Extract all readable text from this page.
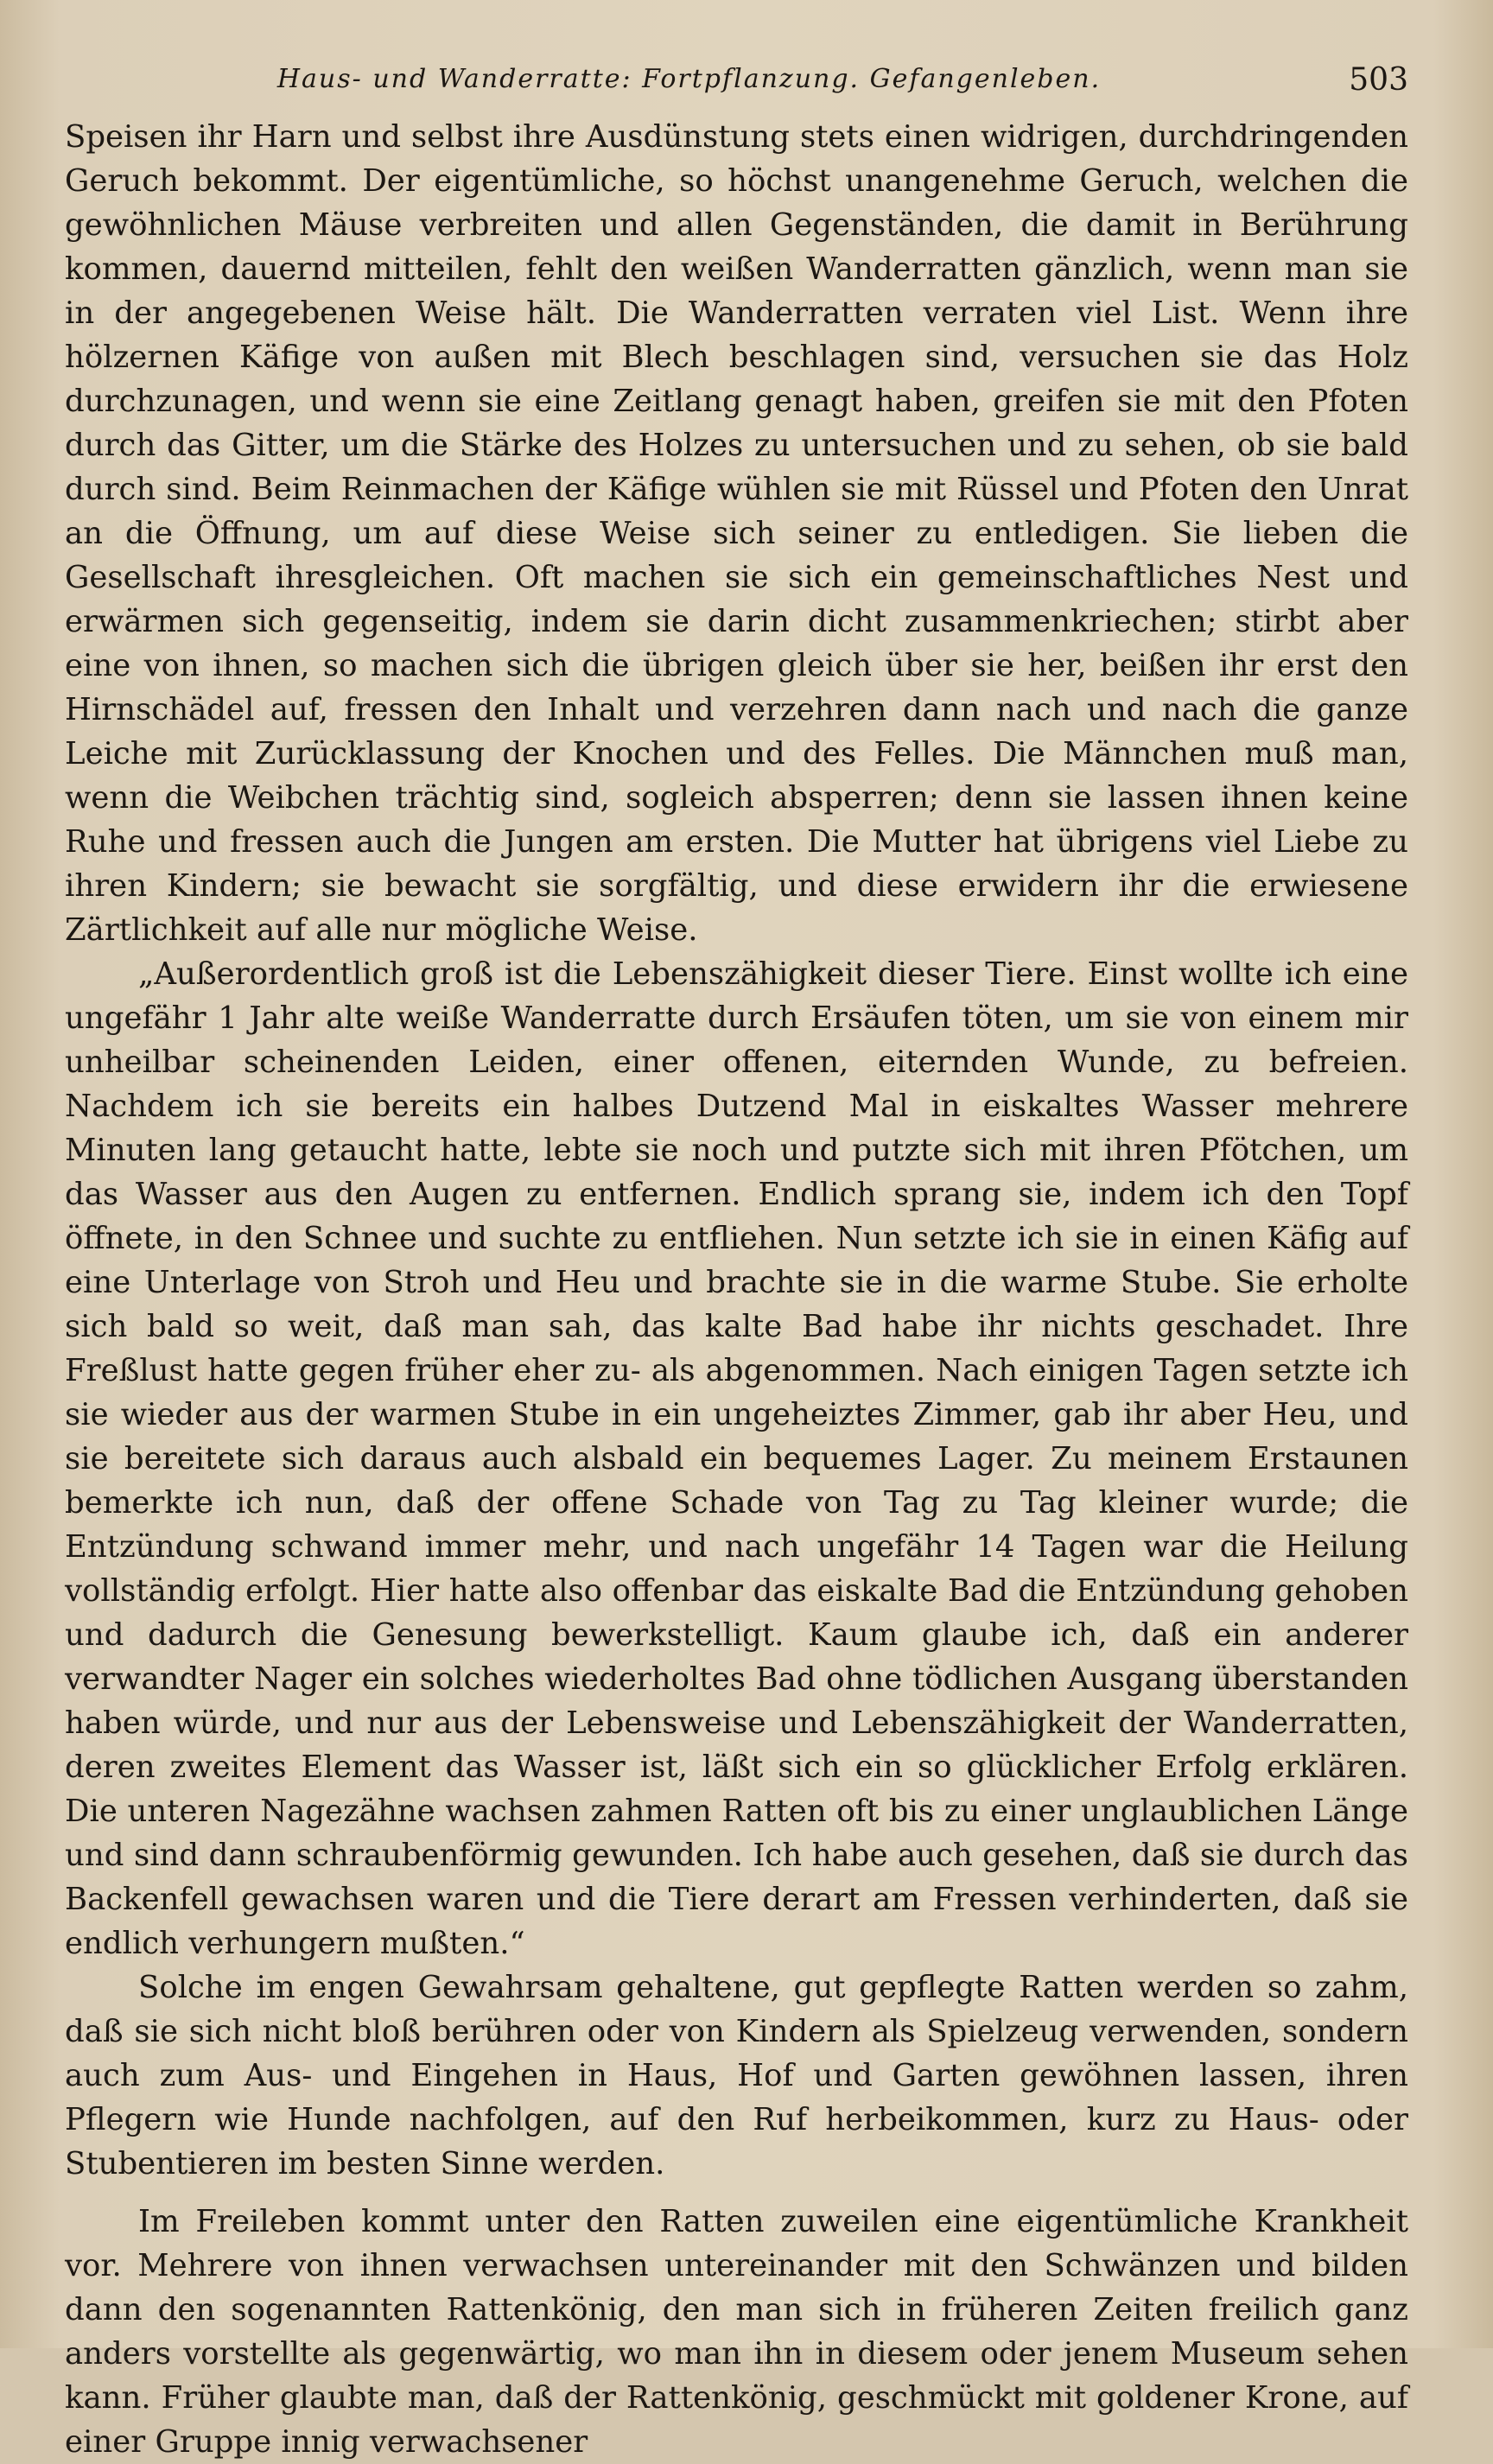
Haus- und Wanderratte: Fortpflanzung. Gefangenleben.	503

Speisen ihr Harn und selbst ihre Ausdünstung stets einen widrigen, durchdringenden Geruch bekommt. Der eigentümliche, so höchst unangenehme Geruch, welchen die gewöhnlichen Mäuse verbreiten und allen Gegenständen, die damit in Berührung kommen, dauernd mitteilen, fehlt den weißen Wanderratten gänzlich, wenn man sie in der angegebenen Weise hält. Die Wanderratten verraten viel List. Wenn ihre hölzernen Käfige von außen mit Blech beschlagen sind, versuchen sie das Holz durchzunagen, und wenn sie eine Zeitlang genagt haben, greifen sie mit den Pfoten durch das Gitter, um die Stärke des Holzes zu untersuchen und zu sehen, ob sie bald durch sind. Beim Reinmachen der Käfige wühlen sie mit Rüssel und Pfoten den Unrat an die Öffnung, um auf diese Weise sich seiner zu entledigen. Sie lieben die Gesellschaft ihresgleichen. Oft machen sie sich ein gemeinschaftliches Nest und erwärmen sich gegenseitig, indem sie darin dicht zusammenkriechen; stirbt aber eine von ihnen, so machen sich die übrigen gleich über sie her, beißen ihr erst den Hirnschädel auf, fressen den Inhalt und verzehren dann nach und nach die ganze Leiche mit Zurücklassung der Knochen und des Felles. Die Männchen muß man, wenn die Weibchen trächtig sind, sogleich absperren; denn sie lassen ihnen keine Ruhe und fressen auch die Jungen am ersten. Die Mutter hat übrigens viel Liebe zu ihren Kindern; sie bewacht sie sorgfältig, und diese erwidern ihr die erwiesene Zärtlichkeit auf alle nur mögliche Weise.

„Außerordentlich groß ist die Lebenszähigkeit dieser Tiere. Einst wollte ich eine ungefähr 1 Jahr alte weiße Wanderratte durch Ersäufen töten, um sie von einem mir unheilbar scheinenden Leiden, einer offenen, eiternden Wunde, zu befreien. Nachdem ich sie bereits ein halbes Dutzend Mal in eiskaltes Wasser mehrere Minuten lang getaucht hatte, lebte sie noch und putzte sich mit ihren Pfötchen, um das Wasser aus den Augen zu entfernen. Endlich sprang sie, indem ich den Topf öffnete, in den Schnee und suchte zu entfliehen. Nun setzte ich sie in einen Käfig auf eine Unterlage von Stroh und Heu und brachte sie in die warme Stube. Sie erholte sich bald so weit, daß man sah, das kalte Bad habe ihr nichts geschadet. Ihre Freßlust hatte gegen früher eher zu- als abgenommen. Nach einigen Tagen setzte ich sie wieder aus der warmen Stube in ein ungeheiztes Zimmer, gab ihr aber Heu, und sie bereitete sich daraus auch alsbald ein bequemes Lager. Zu meinem Erstaunen bemerkte ich nun, daß der offene Schade von Tag zu Tag kleiner wurde; die Entzündung schwand immer mehr, und nach ungefähr 14 Tagen war die Heilung vollständig erfolgt. Hier hatte also offenbar das eiskalte Bad die Entzündung gehoben und dadurch die Genesung bewerkstelligt. Kaum glaube ich, daß ein anderer verwandter Nager ein solches wiederholtes Bad ohne tödlichen Ausgang überstanden haben würde, und nur aus der Lebensweise und Lebenszähigkeit der Wanderratten, deren zweites Element das Wasser ist, läßt sich ein so glücklicher Erfolg erklären. Die unteren Nagezähne wachsen zahmen Ratten oft bis zu einer unglaublichen Länge und sind dann schraubenförmig gewunden. Ich habe auch gesehen, daß sie durch das Backenfell gewachsen waren und die Tiere derart am Fressen verhinderten, daß sie endlich verhungern mußten.“

Solche im engen Gewahrsam gehaltene, gut gepflegte Ratten werden so zahm, daß sie sich nicht bloß berühren oder von Kindern als Spielzeug verwenden, sondern auch zum Aus- und Eingehen in Haus, Hof und Garten gewöhnen lassen, ihren Pflegern wie Hunde nachfolgen, auf den Ruf herbeikommen, kurz zu Haus- oder Stubentieren im besten Sinne werden.

Im Freileben kommt unter den Ratten zuweilen eine eigentümliche Krankheit vor. Mehrere von ihnen verwachsen untereinander mit den Schwänzen und bilden dann den sogenannten Rattenkönig, den man sich in früheren Zeiten freilich ganz anders vorstellte als gegenwärtig, wo man ihn in diesem oder jenem Museum sehen kann. Früher glaubte man, daß der Rattenkönig, geschmückt mit goldener Krone, auf einer Gruppe innig verwachsener
